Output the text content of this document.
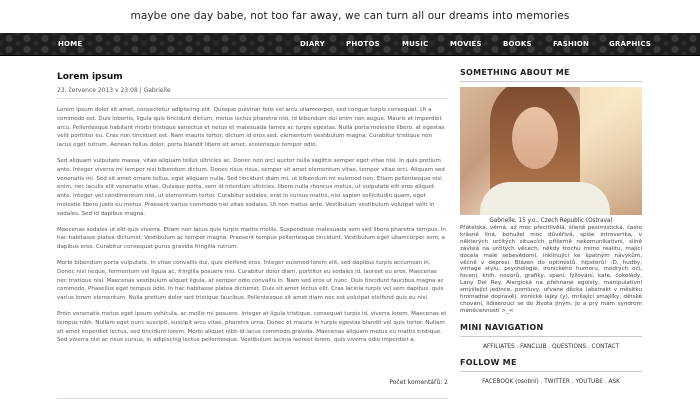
maybe one day babe, not too far away, we can turn all our dreams into memories
HOME	DIARY	PHOTOS	MUSIC	MOVIES	BOOKS	FASHION	GRAPHICS
Lorem ipsum
23. července 2013 v 23:08 | Gabrielle

Lorem ipsum dolor sit amet, consectetur adipiscing elit. Quisque pulvinar felis vel arcu ullamcorper, sed congue turpis consequat. Ut a commodo est. Duis lobortis, ligula quis tincidunt dictum, metus lectus pharetra nisi, id bibendum dui enim non augue. Mauris et imperdiet arcu. Pellentesque habitant morbi tristique senectus et netus et malesuada fames ac turpis egestas. Nulla porta molestie libero, at egestas velit porttitor eu. Cras non tincidunt est. Nam mauris tortor, dictum id eros sed, elementum vestibulum magna. Curabitur tristique non lacus eget rutrum. Aenean tellus dolor, porta blandit libero sit amet, scelerisque tempor odio.

Sed aliquam vulputate massa, vitae aliquam tellus ultricies ac. Donec non orci auctor nulla sagittis semper eget vitae nisi. In quis pretium ante. Integer viverra mi tempor nisi bibendum dictum. Donec risus risus, semper sit amet elementum vitae, tempor vitae orci. Aliquam sed venenatis mi. Sed sit amet ornare tellus, eget aliquam nulla. Sed tincidunt diam mi, ut bibendum mi euismod non. Etiam pellentesque nisi enim, nec iaculis elit venenatis vitae. Quisque porta, sem id interdum ultricies, libero nulla rhoncus metus, ut vulputate elit eros aliquet ante. Integer vel condimentum nisl, ut elementum tortor. Curabitur sodales, erat in cursus mattis, nisl sapien sollicitudin quam, eget molestie libero justo eu metus. Praesent varius commodo nisi vitae sodales. Ut non metus ante. Vestibulum vestibulum volutpat velit in sodales. Sed id dapibus magna.

Maecenas sodales ut elit quis viverra. Etiam non lacus quis turpis mattis mollis. Suspendisse malesuada sem sed libero pharetra tempus. In hac habitasse platea dictumst. Vestibulum ac tempor magna. Praesent tempus pellentesque tincidunt. Vestibulum eget ullamcorper sem, a dapibus eros. Curabitur consequat purus gravida fringilla rutrum.

Morbi bibendum porta vulputate. In vitae convallis dui, quis eleifend eros. Integer euismod lorem elit, sed dapibus turpis accumsan in. Donec nisl neque, fermentum vel ligula ac, fringilla posuere nisi. Curabitur dolor diam, porttitor eu sodales id, laoreet eu eros. Maecenas nec tristique nisi. Maecenas vestibulum aliquet ligula, at semper odio convallis in. Nam sed eros ut nunc. Duis tincidunt faucibus magna ac commodo. Phasellus eget tempus odio. In hac habitasse platea dictumst. Duis sit amet lectus elit. Cras lacinia turpis vel sem dapibus, quis varius lorem elementum. Nulla pretium dolor sed tristique faucibus. Pellentesque sit amet diam nec est volutpat eleifend quis eu nisi.

Proin venenatis metus eget ipsum vehicula, ac mollis mi posuere. Integer at ligula tristique, consequat turpis id, viverra lorem. Maecenas et tempus nibh. Nullam eget nunc suscipit, suscipit arcu vitae, pharetra urna. Donec et mauris in turpis egestas blandit vel quis tortor. Nullam sit amet imperdiet lectus, sed tincidunt lorem. Morbi aliquet nibh id lacus commodo gravida. Maecenas aliquam metus eu mattis tristique. Sed viverra nisl ac risus cursus, in adipiscing lectus pellentesque. Vestibulum lacinia laoreet lorem, quis viverra odio imperdiet a.

Počet komentářů: 2
SOMETHING ABOUT ME
Gabrielle, 15 y.o., Czech Republic (Ostrava)
Přátelská, věrná, až moc přecitlivělá, šíleně pesimistická, často krásně líná, bohužel moc důvěřivá, spíše introvertka, v některých určitých situacích příšerně nekomunikativní, silně závislá na určitých věcech, někdy trochu mimo realitu, mající docela malé sebevědomí, inklinující ke špatným návykům, věčně v depresi. Blázen do optimistů, hipsterů! :D, hudby, vintage stylu, psychologie, ironického humoru, modrých očí, focení, knih, novorů, grafiky, spaní, lyžování, kafe, čokolády, Lany Del Rey. Alergická na přehnané egoisty, manipulativní smýšlející jedince, pomluvy, uřvané děcka (abstrakt v měsítku hromadné dopravě), ironické lajky (y), mrkající smajlíky, dětské chování, lidiserouci se do života jiným. Jo a prý mám syndrom méněcennosti >_<
MINI NAVIGATION
AFFILIATES . FANCLUB . QUESTIONS . CONTACT
FOLLOW ME
FACEBOOK (osobní) . TWITTER . YOUTUBE . ASK
